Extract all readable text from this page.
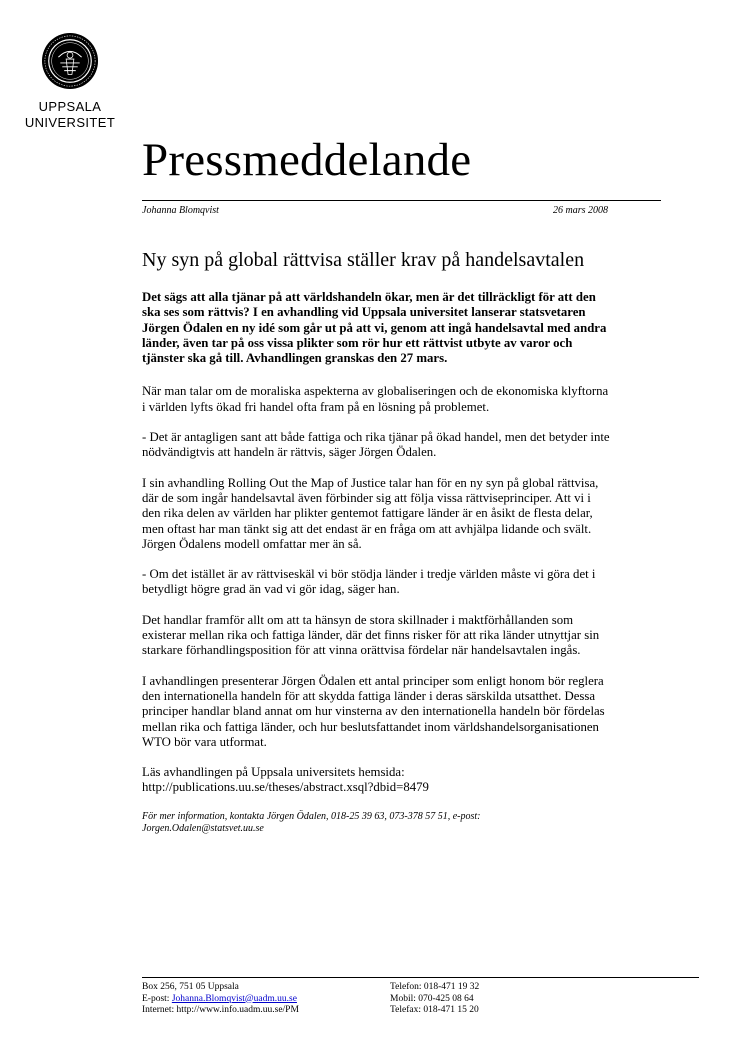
UPPSALA
UNIVERSITET
Pressmeddelande
Johanna Blomqvist	26 mars 2008
Ny syn på global rättvisa ställer krav på handelsavtalen

Det sägs att alla tjänar på att världshandeln ökar, men är det tillräckligt för att den
ska ses som rättvis? I en avhandling vid Uppsala universitet lanserar statsvetaren
Jörgen Ödalen en ny idé som går ut på att vi, genom att ingå handelsavtal med andra
länder, även tar på oss vissa plikter som rör hur ett rättvist utbyte av varor och
tjänster ska gå till. Avhandlingen granskas den 27 mars.

När man talar om de moraliska aspekterna av globaliseringen och de ekonomiska klyftorna
i världen lyfts ökad fri handel ofta fram på en lösning på problemet.

- Det är antagligen sant att både fattiga och rika tjänar på ökad handel, men det betyder inte
nödvändigtvis att handeln är rättvis, säger Jörgen Ödalen.

I sin avhandling Rolling Out the Map of Justice talar han för en ny syn på global rättvisa,
där de som ingår handelsavtal även förbinder sig att följa vissa rättviseprinciper. Att vi i
den rika delen av världen har plikter gentemot fattigare länder är en åsikt de flesta delar,
men oftast har man tänkt sig att det endast är en fråga om att avhjälpa lidande och svält.
Jörgen Ödalens modell omfattar mer än så.

- Om det istället är av rättviseskäl vi bör stödja länder i tredje världen måste vi göra det i
betydligt högre grad än vad vi gör idag, säger han.

Det handlar framför allt om att ta hänsyn de stora skillnader i maktförhållanden som
existerar mellan rika och fattiga länder, där det finns risker för att rika länder utnyttjar sin
starkare förhandlingsposition för att vinna orättvisa fördelar när handelsavtalen ingås.

I avhandlingen presenterar Jörgen Ödalen ett antal principer som enligt honom bör reglera
den internationella handeln för att skydda fattiga länder i deras särskilda utsatthet. Dessa
principer handlar bland annat om hur vinsterna av den internationella handeln bör fördelas
mellan rika och fattiga länder, och hur beslutsfattandet inom världshandelsorganisationen
WTO bör vara utformat.

Läs avhandlingen på Uppsala universitets hemsida:
http://publications.uu.se/theses/abstract.xsql?dbid=8479

För mer information, kontakta Jörgen Ödalen, 018-25 39 63, 073-378 57 51, e-post:
Jorgen.Odalen@statsvet.uu.se

Box 256, 751 05 Uppsala
E-post: Johanna.Blomqvist@uadm.uu.se
Internet: http://www.info.uadm.uu.se/PM
Telefon: 018-471 19 32
Mobil: 070-425 08 64
Telefax: 018-471 15 20
